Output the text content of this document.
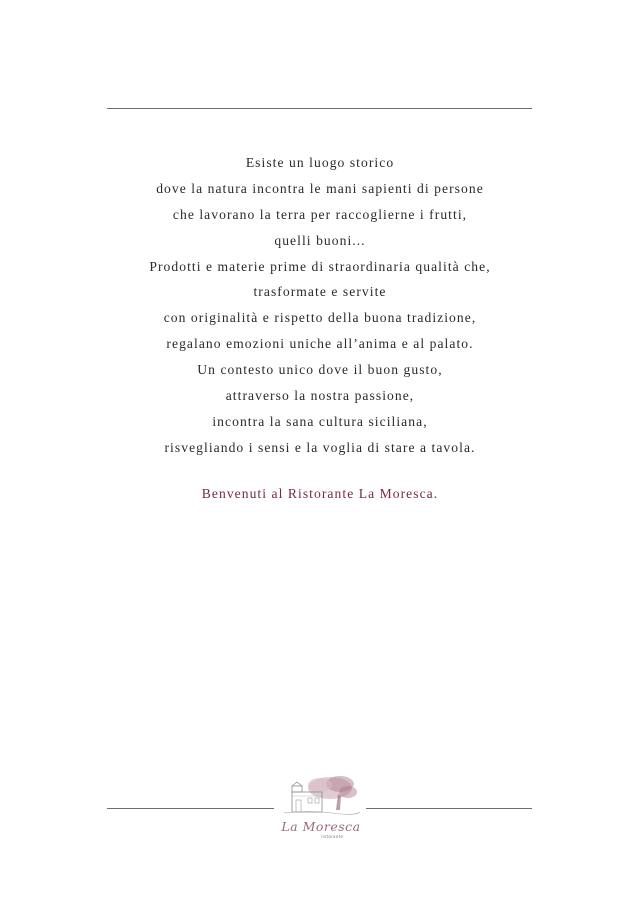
Esiste un luogo storico
dove la natura incontra le mani sapienti di persone
che lavorano la terra per raccoglierne i frutti,
quelli buoni...
Prodotti e materie prime di straordinaria qualità che,
trasformate e servite
con originalità e rispetto della buona tradizione,
regalano emozioni uniche all’anima e al palato.
Un contesto unico dove il buon gusto,
attraverso la nostra passione,
incontra la sana cultura siciliana,
risvegliando i sensi e la voglia di stare a tavola.
Benvenuti al Ristorante La Moresca.
La Moresca
ristorante
